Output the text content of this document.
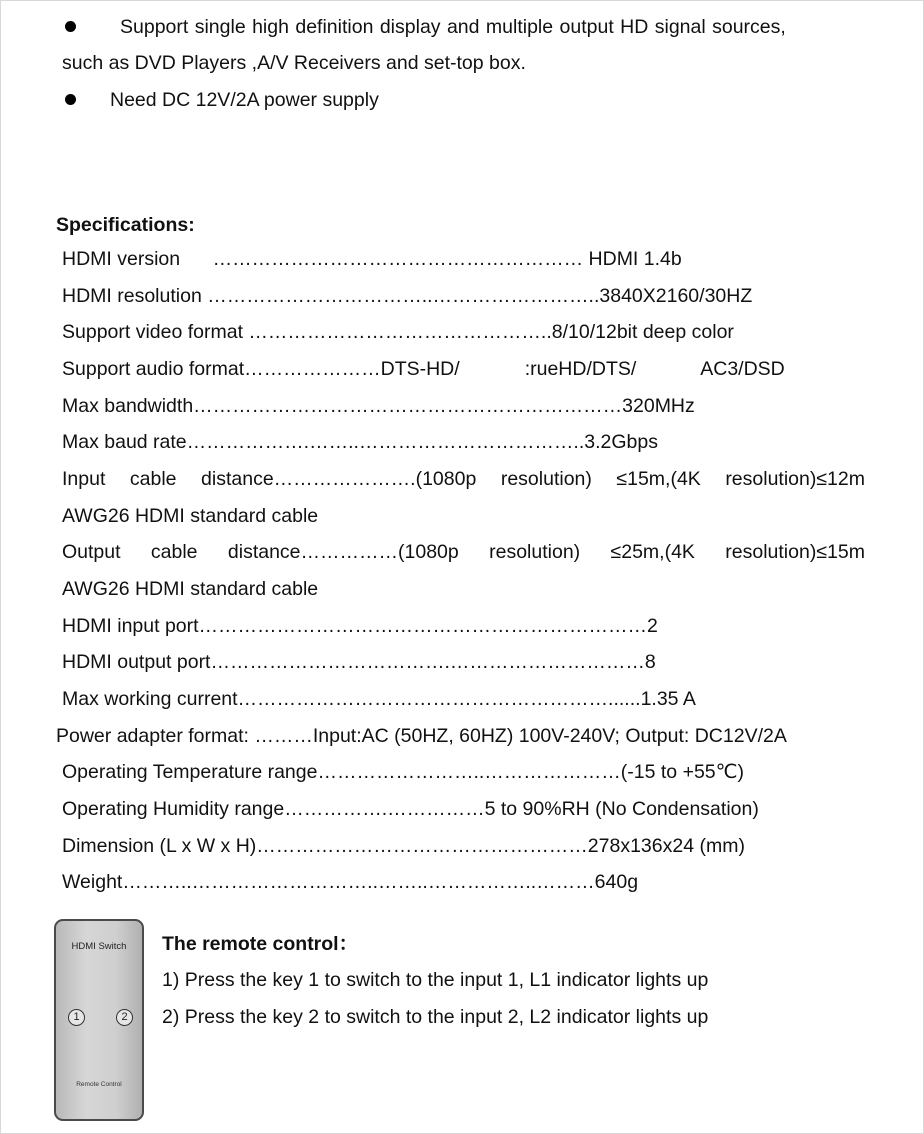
Support single high definition display and multiple output HD signal sources,
such as DVD Players ,A/V Receivers and set-top box.
Need DC 12V/2A power supply
Specifications:
HDMI version      ………………………………………………… HDMI 1.4b
HDMI resolution ……………………………..……………………..3840X2160/30HZ
Support video format ………………………………………..8/10/12bit deep color
Support audio format…………………DTS-HD/            :rueHD/DTS/            AC3/DSD
Max bandwidth…………………………………………………………320MHz
Max baud rate……………….……..……………………………..3.2Gbps
Input cable distance………………….(1080p resolution) ≤15m,(4K resolution)≤12m
AWG26 HDMI standard cable
Output cable distance……………(1080p resolution) ≤25m,(4K resolution)≤15m
AWG26 HDMI standard cable
HDMI input port……………………………………………………………2
HDMI output port……………………………….…………………………8
Max working current…………………………………………………......1.35 A
Power adapter format: ………Input:AC (50HZ, 60HZ) 100V-240V; Output: DC12V/2A
Operating Temperature range……………………..…………………(-15 to +55℃)
Operating Humidity range…………….……………5 to 90%RH (No Condensation)
Dimension (L x W x H)……………………………………………278x136x24 (mm)
Weight………..………………………..……..……………..………640g
HDMI Switch
1	2
Remote Control
The remote control：
1) Press the key 1 to switch to the input 1, L1 indicator lights up
2) Press the key 2 to switch to the input 2, L2 indicator lights up
